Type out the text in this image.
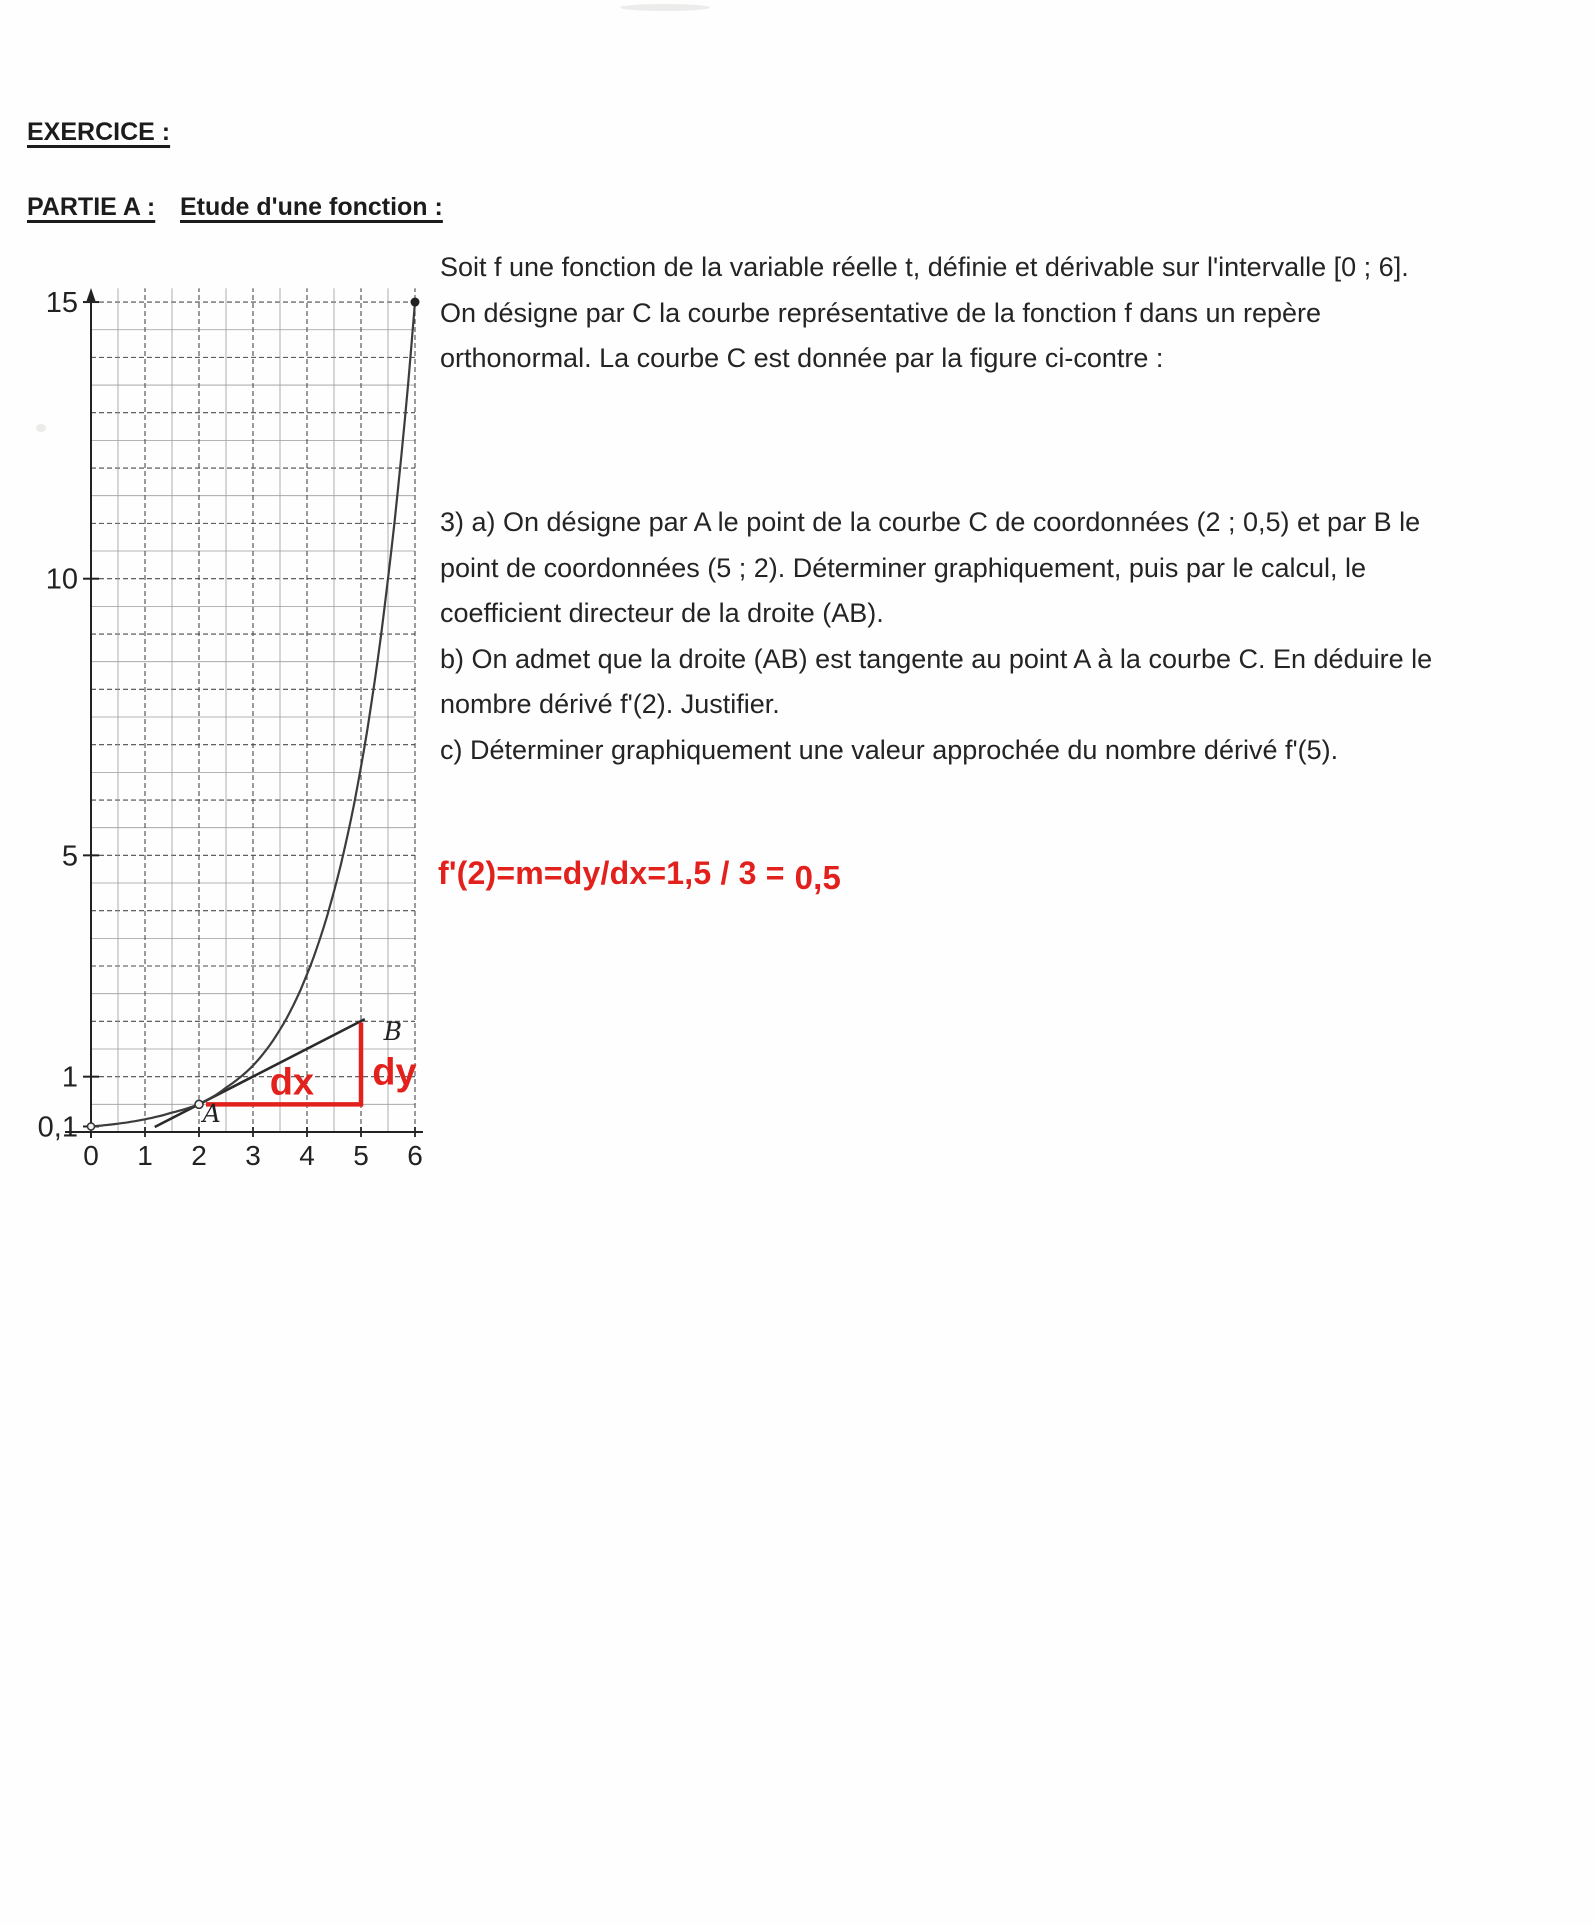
EXERCICE :
PARTIE A : Etude d'une fonction :
15
10
5
1
0,1
0 1 2 3 4 5 6
dx dy
A
B
Soit f une fonction de la variable réelle t, définie et dérivable sur l'intervalle [0 ; 6].
On désigne par C la courbe représentative de la fonction f dans un repère
orthonormal. La courbe C est donnée par la figure ci-contre :
3) a) On désigne par A le point de la courbe C de coordonnées (2 ; 0,5) et par B le
point de coordonnées (5 ; 2). Déterminer graphiquement, puis par le calcul, le
coefficient directeur de la droite (AB).
b) On admet que la droite (AB) est tangente au point A à la courbe C. En déduire le
nombre dérivé f'(2). Justifier.
c) Déterminer graphiquement une valeur approchée du nombre dérivé f'(5).
f'(2)=m=dy/dx=1,5 / 3 = 0,5
